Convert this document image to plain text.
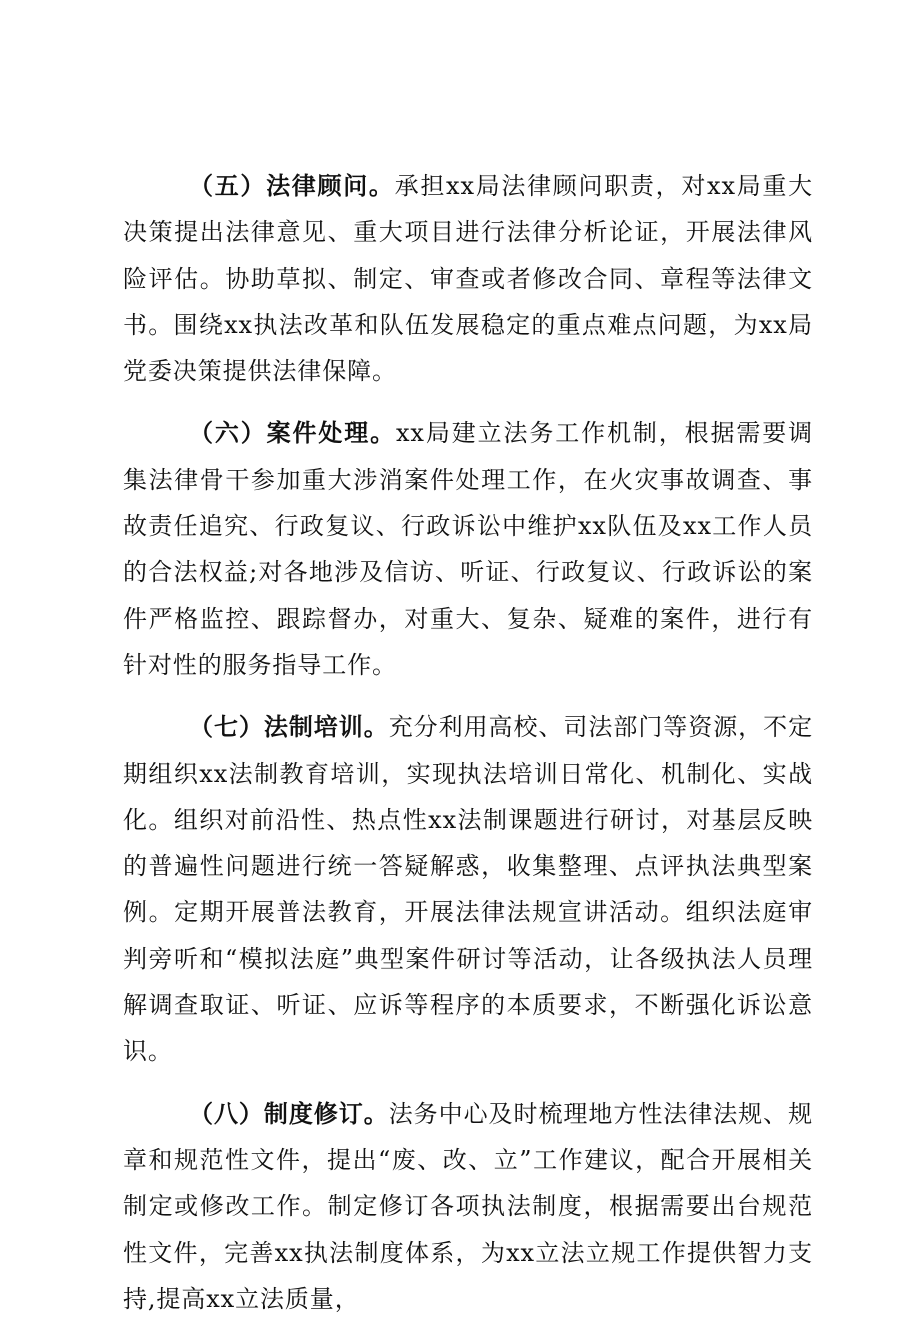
（五）法律顾问。承担xx局法律顾问职责，对xx局重大决策提出法律意见、重大项目进行法律分析论证，开展法律风险评估。协助草拟、制定、审查或者修改合同、章程等法律文书。围绕xx执法改革和队伍发展稳定的重点难点问题，为xx局党委决策提供法律保障。

（六）案件处理。xx局建立法务工作机制，根据需要调集法律骨干参加重大涉消案件处理工作，在火灾事故调查、事故责任追究、行政复议、行政诉讼中维护xx队伍及xx工作人员的合法权益;对各地涉及信访、听证、行政复议、行政诉讼的案件严格监控、跟踪督办，对重大、复杂、疑难的案件，进行有针对性的服务指导工作。

（七）法制培训。充分利用高校、司法部门等资源，不定期组织xx法制教育培训，实现执法培训日常化、机制化、实战化。组织对前沿性、热点性xx法制课题进行研讨，对基层反映的普遍性问题进行统一答疑解惑，收集整理、点评执法典型案例。定期开展普法教育，开展法律法规宣讲活动。组织法庭审判旁听和“模拟法庭”典型案件研讨等活动，让各级执法人员理解调查取证、听证、应诉等程序的本质要求，不断强化诉讼意识。

（八）制度修订。法务中心及时梳理地方性法律法规、规章和规范性文件，提出“废、改、立”工作建议，配合开展相关制定或修改工作。制定修订各项执法制度，根据需要出台规范性文件，完善xx执法制度体系，为xx立法立规工作提供智力支持,提高xx立法质量，
